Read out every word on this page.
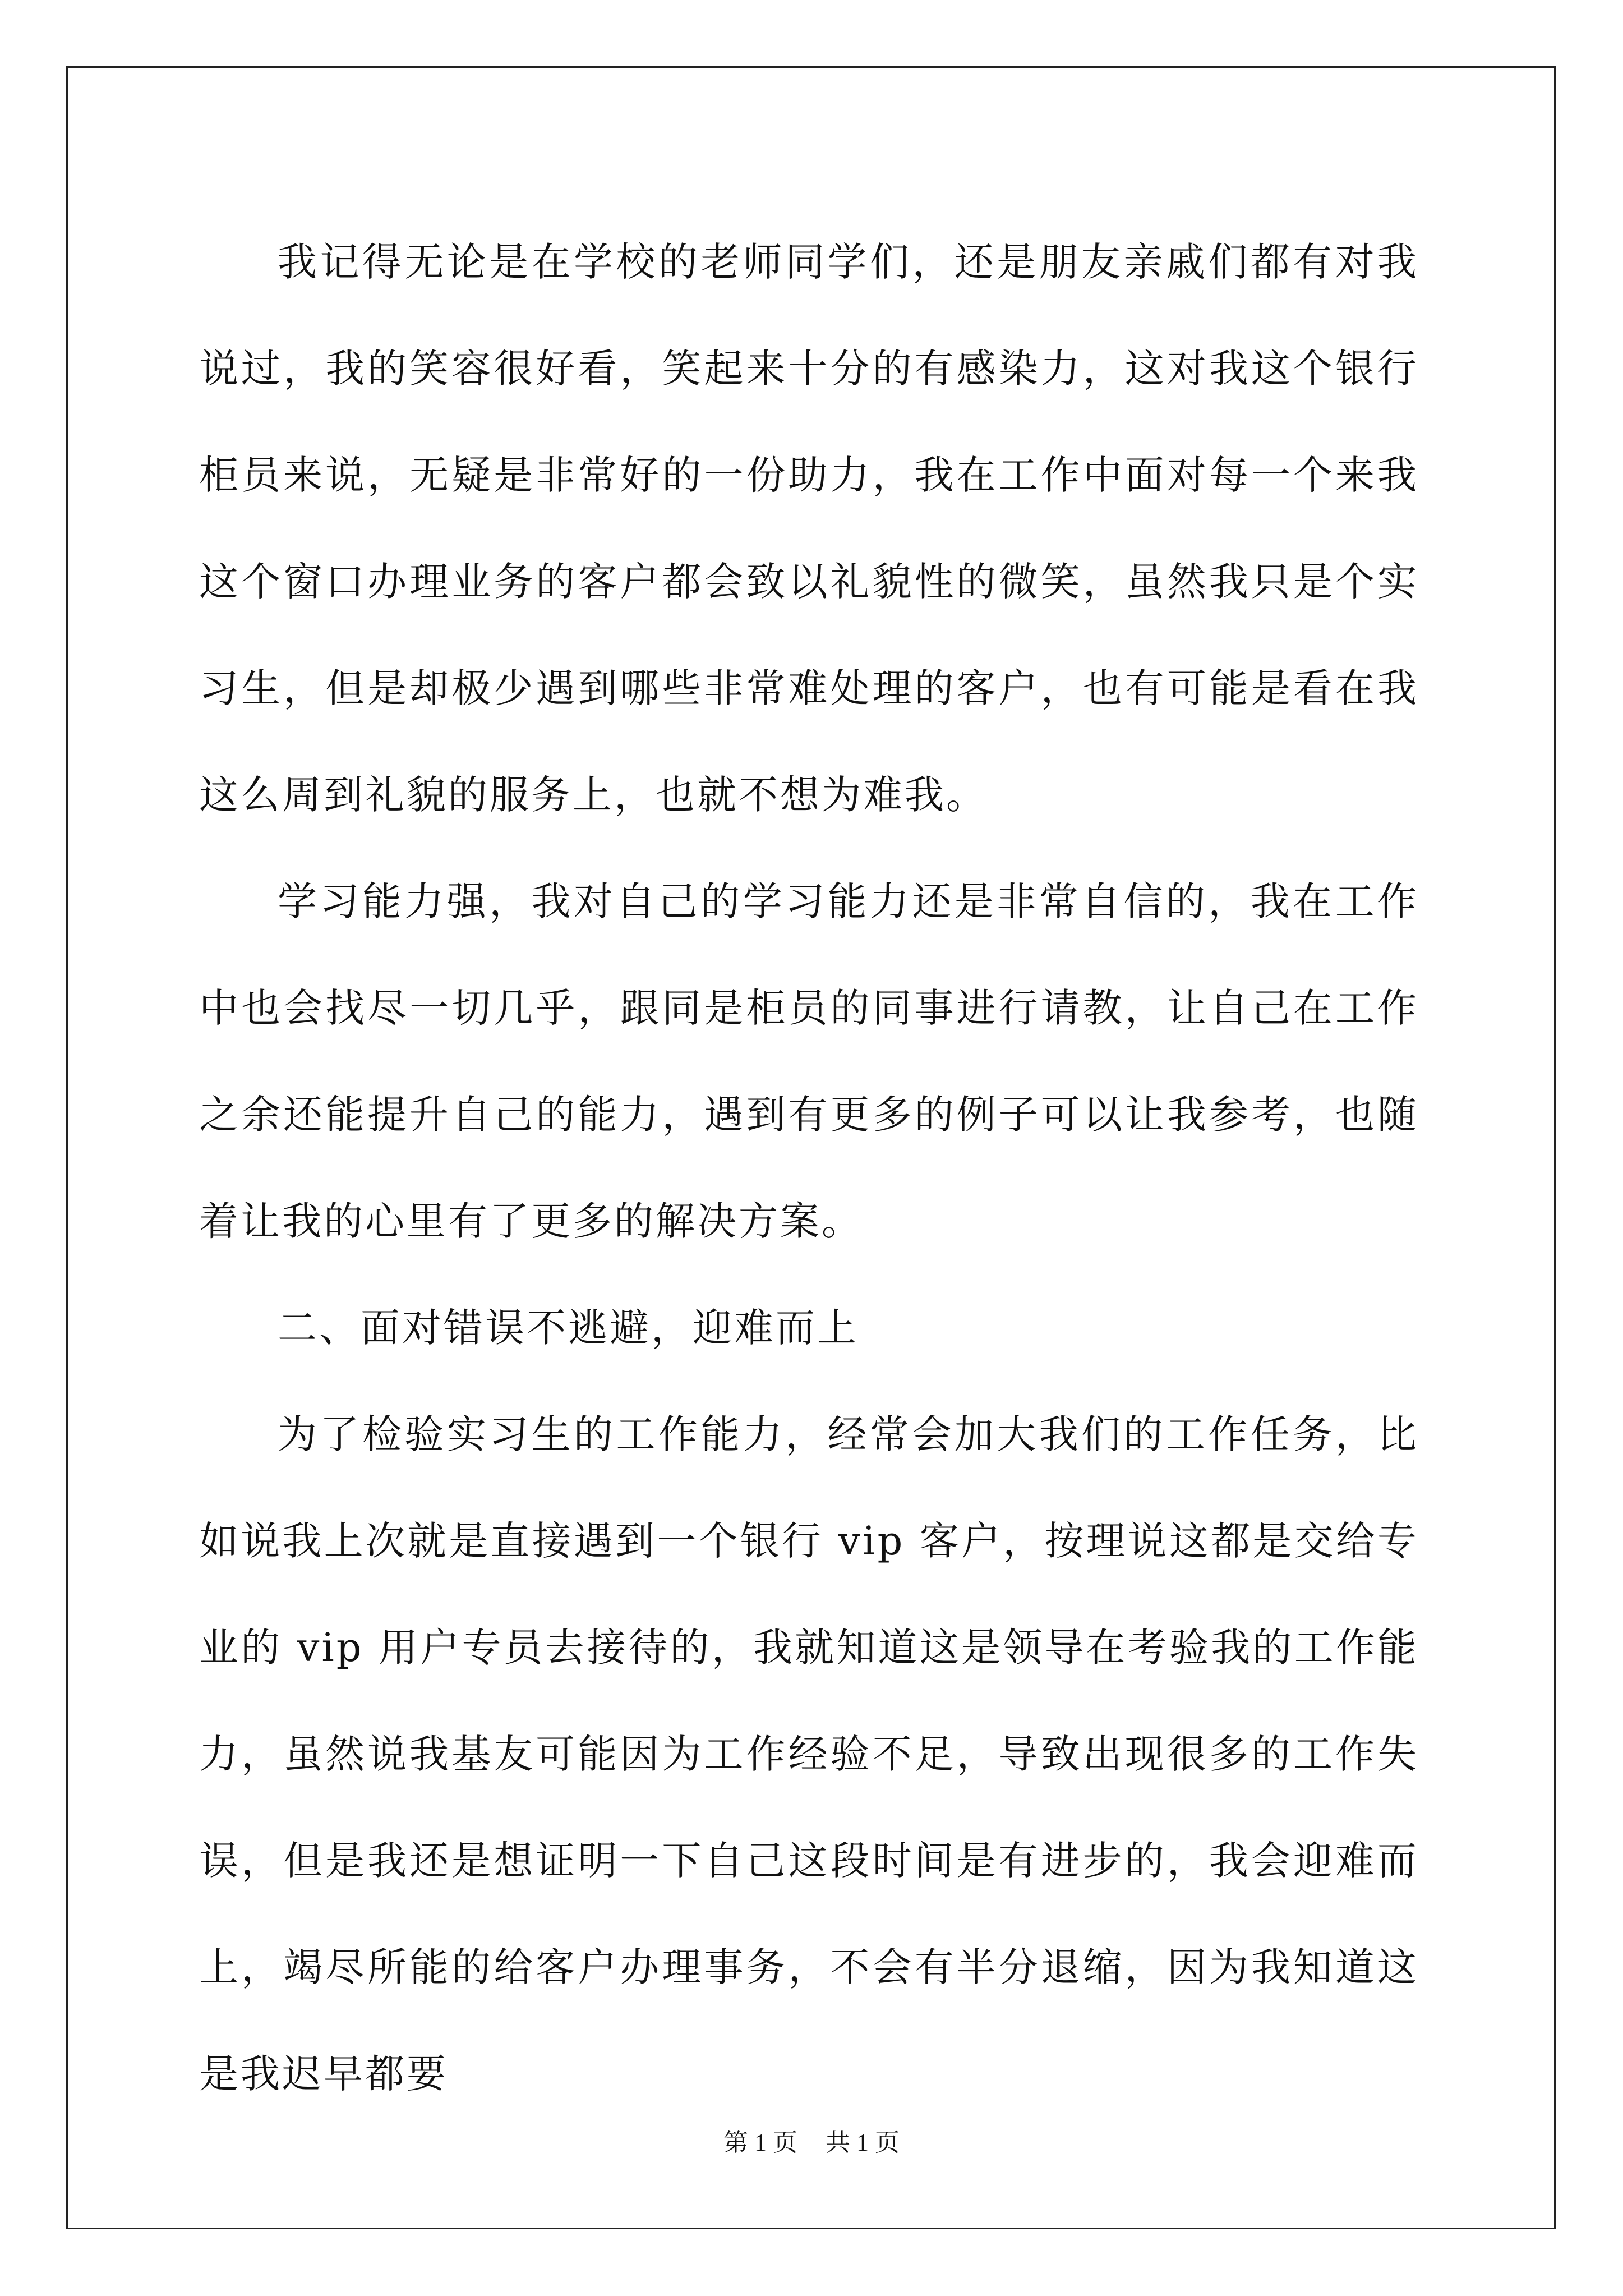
我记得无论是在学校的老师同学们，还是朋友亲戚们都有对我说过，我的笑容很好看，笑起来十分的有感染力，这对我这个银行柜员来说，无疑是非常好的一份助力，我在工作中面对每一个来我这个窗口办理业务的客户都会致以礼貌性的微笑，虽然我只是个实习生，但是却极少遇到哪些非常难处理的客户，也有可能是看在我这么周到礼貌的服务上，也就不想为难我。

学习能力强，我对自己的学习能力还是非常自信的，我在工作中也会找尽一切几乎，跟同是柜员的同事进行请教，让自己在工作之余还能提升自己的能力，遇到有更多的例子可以让我参考，也随着让我的心里有了更多的解决方案。

二、面对错误不逃避，迎难而上

为了检验实习生的工作能力，经常会加大我们的工作任务，比如说我上次就是直接遇到一个银行 vip 客户，按理说这都是交给专业的 vip 用户专员去接待的，我就知道这是领导在考验我的工作能力，虽然说我基友可能因为工作经验不足，导致出现很多的工作失误，但是我还是想证明一下自己这段时间是有进步的，我会迎难而上，竭尽所能的给客户办理事务，不会有半分退缩，因为我知道这是我迟早都要

第 1 页 共 1 页
